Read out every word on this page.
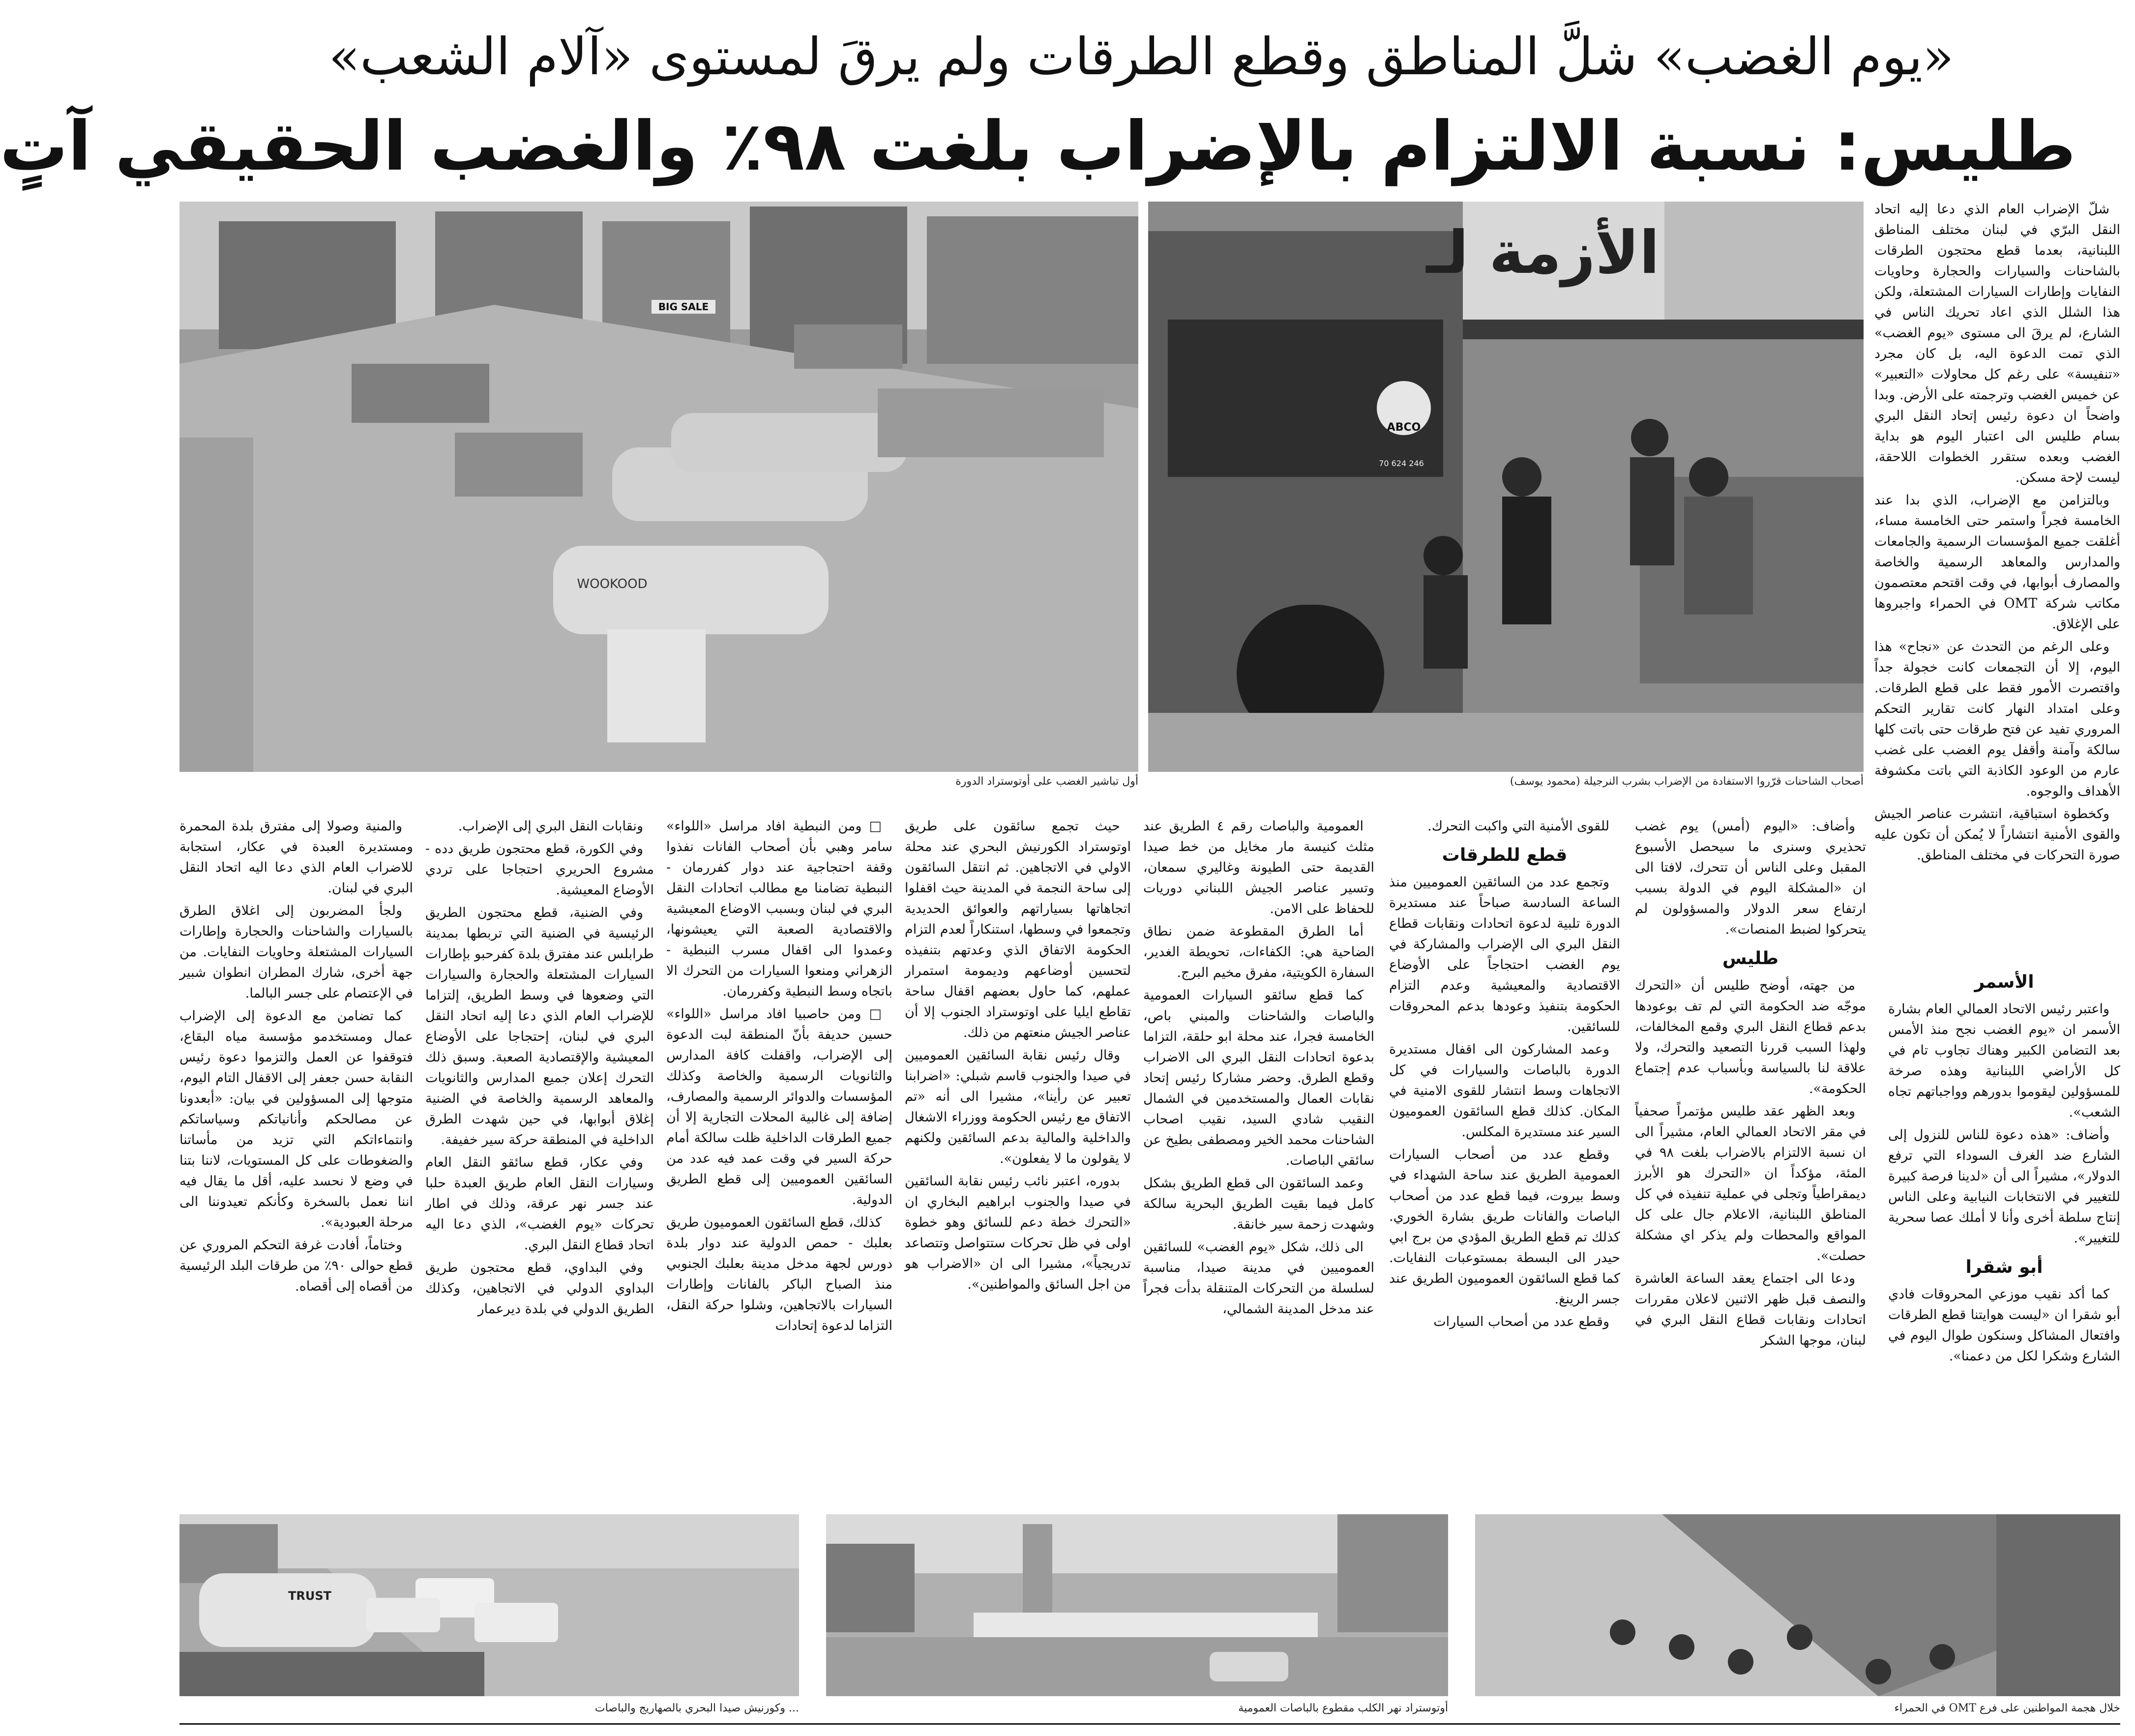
«يوم الغضب» شلَّ المناطق وقطع الطرقات ولم يرقَ لمستوى «آلام الشعب»
طليس: نسبة الالتزام بالإضراب بلغت ٩٨٪ والغضب الحقيقي آتٍ

شلّ الإضراب العام الذي دعا إليه اتحاد النقل البرّي في لبنان مختلف المناطق اللبنانية، بعدما قطع محتجون الطرقات بالشاحنات والسيارات والحجارة وحاويات النفايات وإطارات السيارات المشتعلة، ولكن هذا الشلل الذي اعاد تحريك الناس في الشارع، لم يرقَ الى مستوى «يوم الغضب» الذي تمت الدعوة اليه، بل كان مجرد «تنفيسة» على رغم كل محاولات «التعبير» عن خميس الغضب وترجمته على الأرض. وبدا واضحاً ان دعوة رئيس إتحاد النقل البري بسام طليس الى اعتبار اليوم هو بداية الغضب وبعده ستقرر الخطوات اللاحقة، ليست لإحة مسكن.

وبالتزامن مع الإضراب، الذي بدا عند الخامسة فجراً واستمر حتى الخامسة مساء، أغلقت جميع المؤسسات الرسمية والجامعات والمدارس والمعاهد الرسمية والخاصة والمصارف أبوابها، في وقت اقتحم معتصمون مكاتب شركة OMT في الحمراء واجبروها على الإغلاق.

وعلى الرغم من التحدث عن «نجاح» هذا اليوم، إلا أن التجمعات كانت خجولة جداً واقتصرت الأمور فقط على قطع الطرقات. وعلى امتداد النهار كانت تقارير التحكم المروري تفيد عن فتح طرقات حتى باتت كلها سالكة وآمنة وأقفل يوم الغضب على غضب عارم من الوعود الكاذبة التي باتت مكشوفة الأهداف والوجوه.

وكخطوة استباقية، انتشرت عناصر الجيش والقوى الأمنية انتشاراً لا يُمكن أن تكون عليه صورة التحركات في مختلف المناطق.

الأزمة لـ
ABCO
70 624 246
أصحاب الشاحنات قرّروا الاستفادة من الإضراب بشرب النرجيلة (محمود يوسف)
BIG SALE
WOOKOOD
أول تباشير الغضب على أوتوستراد الدورة
الأسمر

واعتبر رئيس الاتحاد العمالي العام بشارة الأسمر ان «يوم الغضب نجح منذ الأمس بعد التضامن الكبير وهناك تجاوب تام في كل الأراضي اللبنانية وهذه صرخة للمسؤولين ليقوموا بدورهم وواجباتهم تجاه الشعب».

وأضاف: «هذه دعوة للناس للنزول إلى الشارع ضد الغرف السوداء التي ترفع الدولار»، مشيراً الى أن «لدينا فرصة كبيرة للتغيير في الانتخابات النيابية وعلى الناس إنتاج سلطة أخرى وأنا لا أملك عصا سحرية للتغيير».

أبو شقرا

كما أكد نقيب موزعي المحروقات فادي أبو شقرا ان «ليست هوايتنا قطع الطرقات وافتعال المشاكل وسنكون طوال اليوم في الشارع وشكرا لكل من دعمنا».

وأضاف: «اليوم (أمس) يوم غضب تحذيري وسنرى ما سيحصل الأسبوع المقبل وعلى الناس أن تتحرك، لافتا الى ان «المشكلة اليوم في الدولة بسبب ارتفاع سعر الدولار والمسؤولون لم يتحركوا لضبط المنصات».

طليس

من جهته، أوضح طليس أن «التحرك موجّه ضد الحكومة التي لم تف بوعودها بدعم قطاع النقل البري وقمع المخالفات، ولهذا السبب قررنا التصعيد والتحرك، ولا علاقة لنا بالسياسة وبأسباب عدم إجتماع الحكومة».

وبعد الظهر عقد طليس مؤتمراً صحفياً في مقر الاتحاد العمالي العام، مشيراً الى ان نسبة الالتزام بالاضراب بلغت ٩٨ في المئة، مؤكداً ان «التحرك هو الأبرز ديمقراطياً وتجلى في عملية تنفيذه في كل المناطق اللبنانية، الاعلام جال على كل المواقع والمحطات ولم يذكر اي مشكلة حصلت».

ودعا الى اجتماع يعقد الساعة العاشرة والنصف قبل ظهر الاثنين لاعلان مقررات اتحادات ونقابات قطاع النقل البري في لبنان، موجها الشكر

للقوى الأمنية التي واكبت التحرك.

قطع للطرقات

وتجمع عدد من السائقين العموميين منذ الساعة السادسة صباحاً عند مستديرة الدورة تلبية لدعوة اتحادات ونقابات قطاع النقل البري الى الإضراب والمشاركة في يوم الغضب احتجاجاً على الأوضاع الاقتصادية والمعيشية وعدم التزام الحكومة بتنفيذ وعودها بدعم المحروقات للسائقين.

وعمد المشاركون الى اقفال مستديرة الدورة بالباصات والسيارات في كل الاتجاهات وسط انتشار للقوى الامنية في المكان. كذلك قطع السائقون العموميون السير عند مستديرة المكلس.

وقطع عدد من أصحاب السيارات العمومية الطريق عند ساحة الشهداء في وسط بيروت، فيما قطع عدد من أصحاب الباصات والفانات طريق بشارة الخوري. كذلك تم قطع الطريق المؤدي من برج ابي حيدر الى البسطة بمستوعبات النفايات. كما قطع السائقون العموميون الطريق عند جسر الرينغ.

وقطع عدد من أصحاب السيارات

العمومية والباصات رقم ٤ الطريق عند مثلث كنيسة مار مخايل من خط صيدا القديمة حتى الطيونة وغاليري سمعان، وتسير عناصر الجيش اللبناني دوريات للحفاظ على الامن.

أما الطرق المقطوعة ضمن نطاق الضاحية هي: الكفاءات، تحويطة الغدير، السفارة الكويتية، مفرق مخيم البرج.

كما قطع سائقو السيارات العمومية والباصات والشاحنات والمبني باص، الخامسة فجرا، عند محلة ابو حلقة، التزاما بدعوة اتحادات النقل البري الى الاضراب وقطع الطرق. وحضر مشاركا رئيس إتحاد نقابات العمال والمستخدمين في الشمال النقيب شادي السيد، نقيب اصحاب الشاحنات محمد الخير ومصطفى بطيخ عن سائقي الباصات.

وعمد السائقون الى قطع الطريق بشكل كامل فيما بقيت الطريق البحرية سالكة وشهدت زحمة سير خانقة.

الى ذلك، شكل «يوم الغضب» للسائقين العموميين في مدينة صيدا، مناسبة لسلسلة من التحركات المتنقلة بدأت فجراً عند مدخل المدينة الشمالي،

حيث تجمع سائقون على طريق اوتوستراد الكورنيش البحري عند محلة الاولي في الاتجاهين. ثم انتقل السائقون إلى ساحة النجمة في المدينة حيث اقفلوا اتجاهاتها بسياراتهم والعوائق الحديدية وتجمعوا في وسطها، استنكاراً لعدم التزام الحكومة الاتفاق الذي وعدتهم بتنفيذه لتحسين أوضاعهم وديمومة استمرار عملهم، كما حاول بعضهم اقفال ساحة تقاطع ايليا على اوتوستراد الجنوب إلا أن عناصر الجيش منعتهم من ذلك.

وقال رئيس نقابة السائقين العموميين في صيدا والجنوب قاسم شبلي: «اضرابنا تعبير عن رأينا»، مشيرا الى أنه «تم الاتفاق مع رئيس الحكومة ووزراء الاشغال والداخلية والمالية بدعم السائقين ولكنهم لا يقولون ما لا يفعلون».

بدوره، اعتبر نائب رئيس نقابة السائقين في صيدا والجنوب ابراهيم البخاري ان «التحرك خطة دعم للسائق وهو خطوة اولى في ظل تحركات ستتواصل وتتصاعد تدريجياً»، مشيرا الى ان «الاضراب هو من اجل السائق والمواطنين».

□ ومن النبطية افاد مراسل «اللواء» سامر وهبي بأن أصحاب الفانات نفذوا وقفة احتجاجية عند دوار كفررمان - النبطية تضامنا مع مطالب اتحادات النقل البري في لبنان وبسبب الاوضاع المعيشية والاقتصادية الصعبة التي يعيشونها، وعمدوا الى اقفال مسرب النبطية - الزهراني ومنعوا السيارات من التحرك الا باتجاه وسط النبطية وكفررمان.

□ ومن حاصبيا افاد مراسل «اللواء» حسين حديفة بأنّ المنطقة لبت الدعوة إلى الإضراب، واقفلت كافة المدارس والثانويات الرسمية والخاصة وكذلك المؤسسات والدوائر الرسمية والمصارف، إضافة إلى غالبية المحلات التجارية إلا أن جميع الطرقات الداخلية ظلت سالكة أمام حركة السير في وقت عمد فيه عدد من السائقين العموميين إلى قطع الطريق الدولية.

كذلك، قطع السائقون العموميون طريق بعلبك - حمص الدولية عند دوار بلدة دورس لجهة مدخل مدينة بعلبك الجنوبي منذ الصباح الباكر بالفانات وإطارات السيارات بالاتجاهين، وشلوا حركة النقل، التزاما لدعوة إتحادات

ونقابات النقل البري إلى الإضراب.

وفي الكورة، قطع محتجون طريق دده - مشروع الحريري احتجاجا على تردي الأوضاع المعيشية.

وفي الضنية، قطع محتجون الطريق الرئيسية في الضنية التي تربطها بمدينة طرابلس عند مفترق بلدة كفرحبو بإطارات السيارات المشتعلة والحجارة والسيارات التي وضعوها في وسط الطريق، إلتزاما للإضراب العام الذي دعا إليه اتحاد النقل البري في لبنان، إحتجاجا على الأوضاع المعيشية والإقتصادية الصعبة. وسبق ذلك التحرك إعلان جميع المدارس والثانويات والمعاهد الرسمية والخاصة في الضنية إغلاق أبوابها، في حين شهدت الطرق الداخلية في المنطقة حركة سير خفيفة.

وفي عكار، قطع سائقو النقل العام وسيارات النقل العام طريق العبدة حلبا عند جسر نهر عرقة، وذلك في اطار تحركات «يوم الغضب»، الذي دعا اليه اتحاد قطاع النقل البري.

وفي البداوي، قطع محتجون طريق البداوي الدولي في الاتجاهين، وكذلك الطريق الدولي في بلدة ديرعمار

والمنية وصولا إلى مفترق بلدة المحمرة ومستديرة العبدة في عكار، استجابة للاضراب العام الذي دعا اليه اتحاد النقل البري في لبنان.

ولجأ المضربون إلى اغلاق الطرق بالسيارات والشاحنات والحجارة وإطارات السيارات المشتعلة وحاويات النفايات. من جهة أخرى، شارك المطران انطوان شبير في الإعتصام على جسر البالما.

كما تضامن مع الدعوة إلى الإضراب عمال ومستخدمو مؤسسة مياه البقاع، فتوقفوا عن العمل والتزموا دعوة رئيس النقابة حسن جعفر إلى الاقفال التام اليوم، متوجها إلى المسؤولين في بيان: «أبعدونا عن مصالحكم وأنانياتكم وسياساتكم وانتماءاتكم التي تزيد من مأساتنا والضغوطات على كل المستويات، لاننا بتنا في وضع لا نحسد عليه، أقل ما يقال فيه اننا نعمل بالسخرة وكأنكم تعيدوننا الى مرحلة العبودية».

وختاماً، أفادت غرفة التحكم المروري عن قطع حوالى ٩٠٪ من طرقات البلد الرئيسية من أقصاه إلى أقصاه.

TRUST
... وكورنيش صيدا البحري بالصهاريج والباصات	أوتوستراد نهر الكلب مقطوع بالباصات العمومية	خلال هجمة المواطنين على فرع OMT في الحمراء
